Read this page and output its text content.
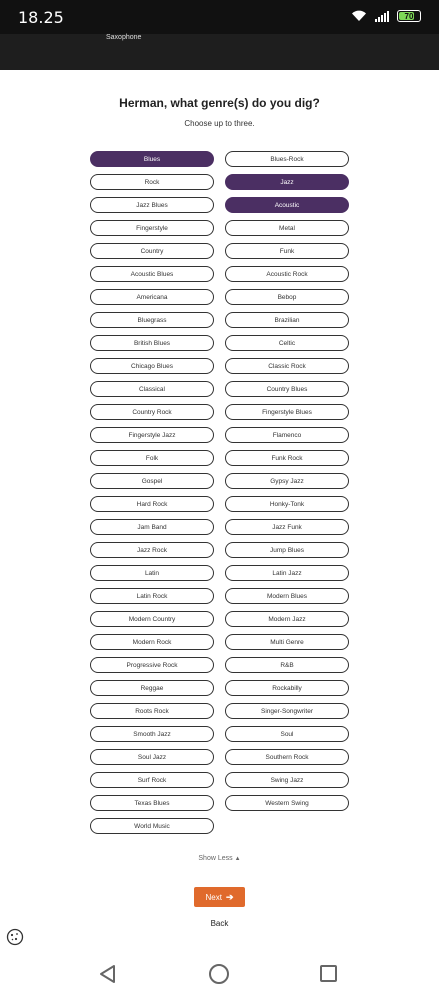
18.25	70
Saxophone
Herman, what genre(s) do you dig?
Choose up to three.
Blues	Blues-Rock
Rock	Jazz
Jazz Blues	Acoustic
Fingerstyle	Metal
Country	Funk
Acoustic Blues	Acoustic Rock
Americana	Bebop
Bluegrass	Brazilian
British Blues	Celtic
Chicago Blues	Classic Rock
Classical	Country Blues
Country Rock	Fingerstyle Blues
Fingerstyle Jazz	Flamenco
Folk	Funk Rock
Gospel	Gypsy Jazz
Hard Rock	Honky-Tonk
Jam Band	Jazz Funk
Jazz Rock	Jump Blues
Latin	Latin Jazz
Latin Rock	Modern Blues
Modern Country	Modern Jazz
Modern Rock	Multi Genre
Progressive Rock	R&B
Reggae	Rockabilly
Roots Rock	Singer-Songwriter
Smooth Jazz	Soul
Soul Jazz	Southern Rock
Surf Rock	Swing Jazz
Texas Blues	Western Swing
World Music
Show Less ▲
Next ➔
Back
